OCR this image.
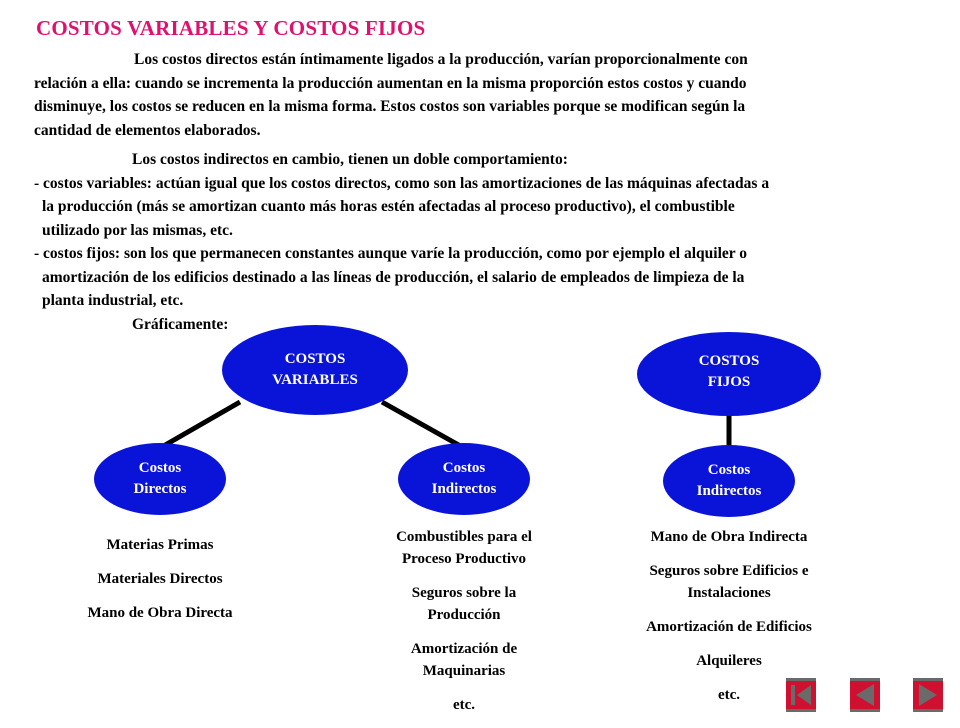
COSTOS VARIABLES Y COSTOS FIJOS
Los costos directos están íntimamente ligados a la producción, varían proporcionalmente con
relación a ella: cuando se incrementa la producción aumentan en la misma proporción estos costos y cuando
disminuye, los costos se reducen en la misma forma. Estos costos son variables porque se modifican según la
cantidad de elementos elaborados.
Los costos indirectos en cambio, tienen un doble comportamiento:
- costos variables: actúan igual que los costos directos, como son las amortizaciones de las máquinas afectadas a
la producción (más se amortizan cuanto más horas estén afectadas al proceso productivo), el combustible
utilizado por las mismas, etc.
- costos fijos: son los que permanecen constantes aunque varíe la producción, como por ejemplo el alquiler o
amortización de los edificios destinado a las líneas de producción, el salario de empleados de limpieza de la
planta industrial, etc.
Gráficamente:
COSTOS
VARIABLES
COSTOS
FIJOS
Costos
Directos
Costos
Indirectos
Costos
Indirectos
Materias Primas
Materiales Directos
Mano de Obra Directa
Combustibles para el
Proceso Productivo
Seguros sobre la
Producción
Amortización de
Maquinarias
etc.
Mano de Obra Indirecta
Seguros sobre Edificios e
Instalaciones
Amortización de Edificios
Alquileres
etc.
